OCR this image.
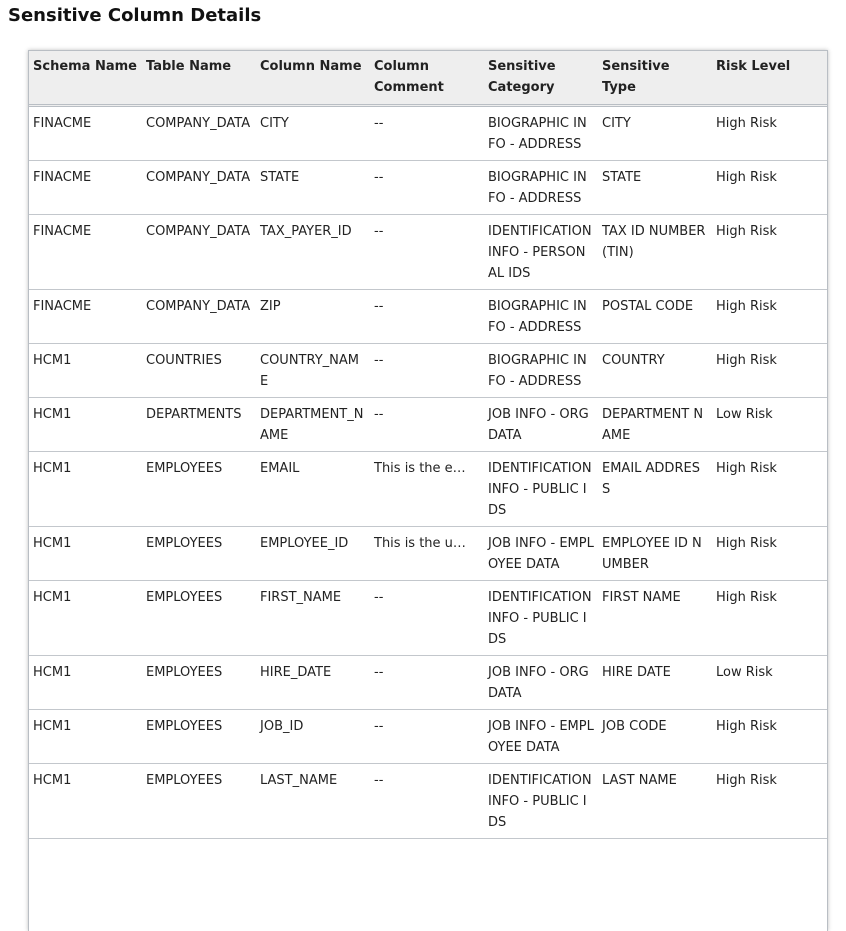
Sensitive Column Details
Schema Name	Table Name	Column Name	Column Comment	Sensitive Category	Sensitive Type	Risk Level
FINACME	COMPANY_DATA	CITY	--	BIOGRAPHIC INFO - ADDRESS	CITY	High Risk
FINACME	COMPANY_DATA	STATE	--	BIOGRAPHIC INFO - ADDRESS	STATE	High Risk
FINACME	COMPANY_DATA	TAX_PAYER_ID	--	IDENTIFICATION INFO - PERSONAL IDS	TAX ID NUMBER (TIN)	High Risk
FINACME	COMPANY_DATA	ZIP	--	BIOGRAPHIC INFO - ADDRESS	POSTAL CODE	High Risk
HCM1	COUNTRIES	COUNTRY_NAME	--	BIOGRAPHIC INFO - ADDRESS	COUNTRY	High Risk
HCM1	DEPARTMENTS	DEPARTMENT_NAME	--	JOB INFO - ORG DATA	DEPARTMENT NAME	Low Risk
HCM1	EMPLOYEES	EMAIL	This is the e…	IDENTIFICATION INFO - PUBLIC IDS	EMAIL ADDRESS	High Risk
HCM1	EMPLOYEES	EMPLOYEE_ID	This is the u…	JOB INFO - EMPLOYEE DATA	EMPLOYEE ID NUMBER	High Risk
HCM1	EMPLOYEES	FIRST_NAME	--	IDENTIFICATION INFO - PUBLIC IDS	FIRST NAME	High Risk
HCM1	EMPLOYEES	HIRE_DATE	--	JOB INFO - ORG DATA	HIRE DATE	Low Risk
HCM1	EMPLOYEES	JOB_ID	--	JOB INFO - EMPLOYEE DATA	JOB CODE	High Risk
HCM1	EMPLOYEES	LAST_NAME	--	IDENTIFICATION INFO - PUBLIC IDS	LAST NAME	High Risk
